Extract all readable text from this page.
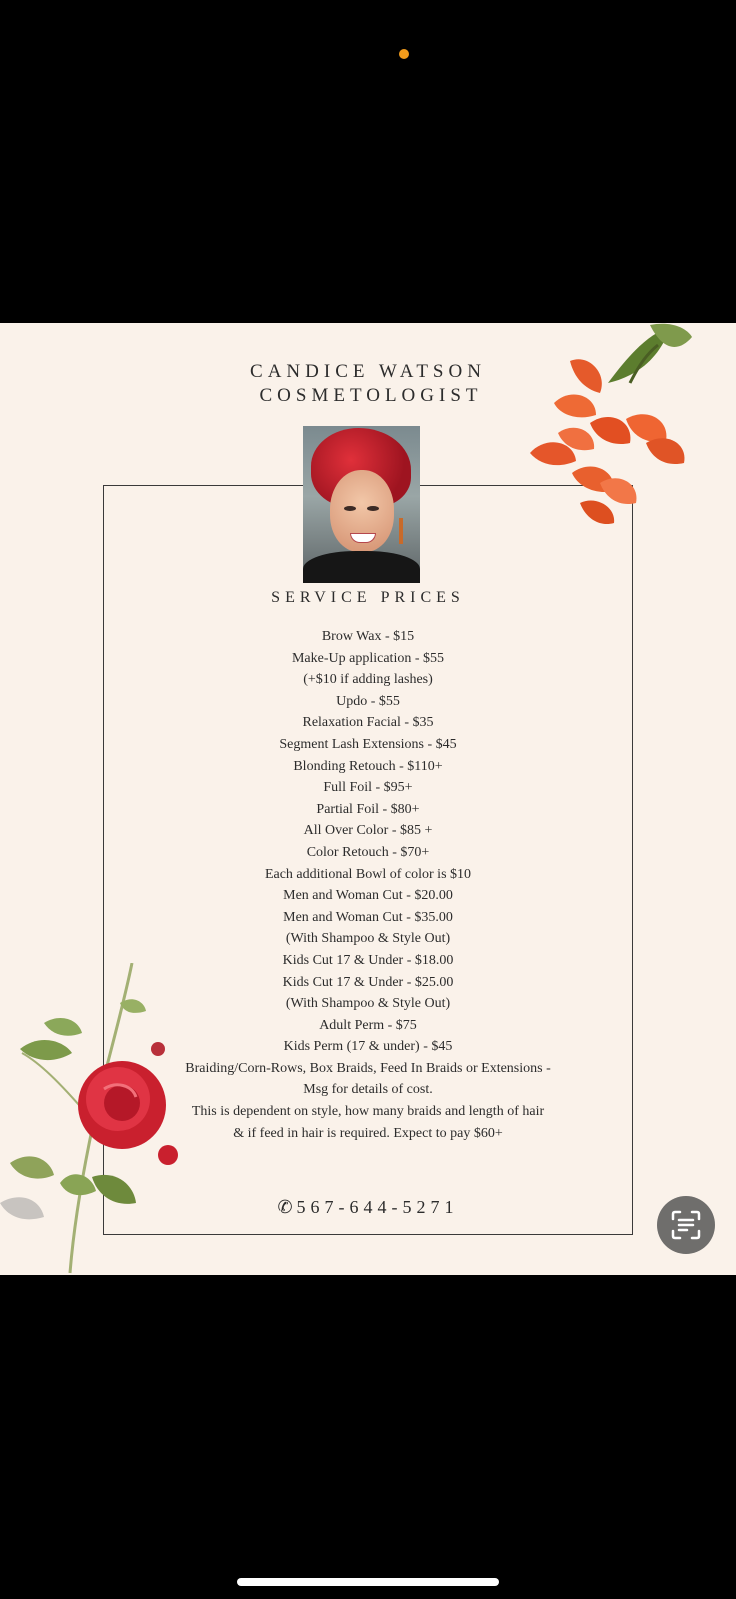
CANDICE WATSON
COSMETOLOGIST
SERVICE PRICES
Brow Wax - $15
Make-Up application - $55
(+$10 if adding lashes)
Updo - $55
Relaxation Facial - $35
Segment Lash Extensions - $45
Blonding Retouch - $110+
Full Foil - $95+
Partial Foil - $80+
All Over Color - $85 +
Color Retouch - $70+
Each additional Bowl of color is $10
Men and Woman Cut - $20.00
Men and Woman Cut - $35.00
(With Shampoo & Style Out)
Kids Cut 17 & Under - $18.00
Kids Cut 17 & Under - $25.00
(With Shampoo & Style Out)
Adult Perm - $75
Kids Perm (17 & under) - $45
Braiding/Corn-Rows, Box Braids, Feed In Braids or Extensions -
Msg for details of cost.
This is dependent on style, how many braids and length of hair
& if feed in hair is required. Expect to pay $60+
✆ 567-644-5271
